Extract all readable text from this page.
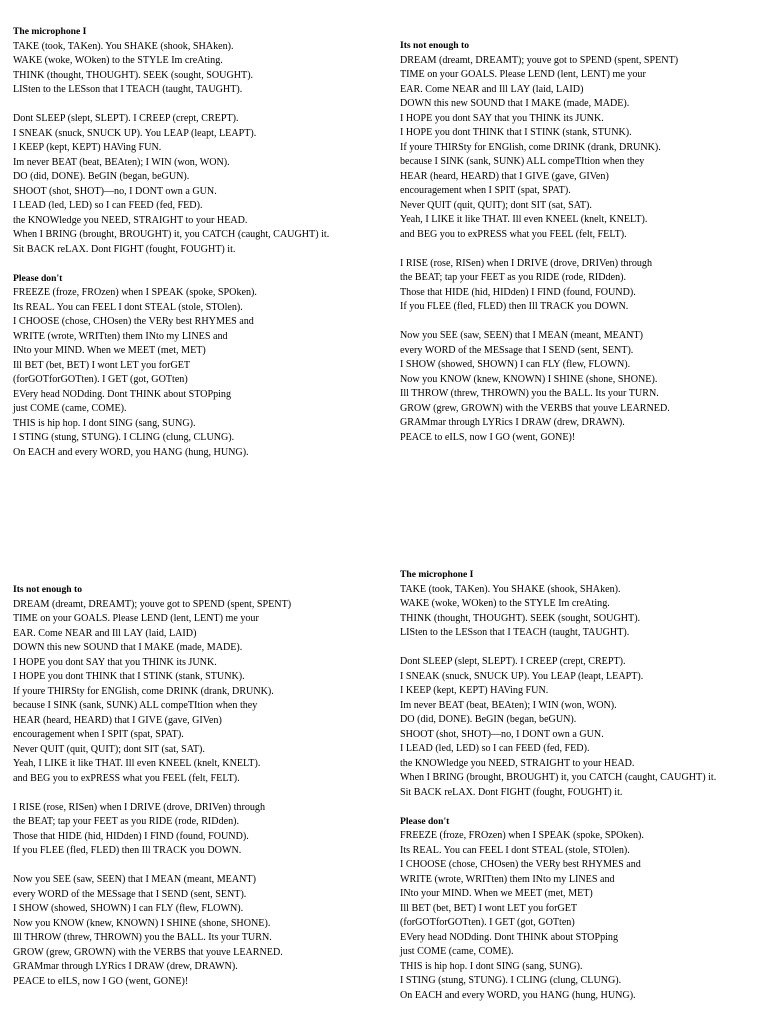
The microphone I

TAKE (took, TAKen). You SHAKE (shook, SHAken).

WAKE (woke, WOken) to the STYLE Im creAting.

THINK (thought, THOUGHT). SEEK (sought, SOUGHT).

LISten to the LESson that I TEACH (taught, TAUGHT).

Dont SLEEP (slept, SLEPT). I CREEP (crept, CREPT).

I SNEAK (snuck, SNUCK UP). You LEAP (leapt, LEAPT).

I KEEP (kept, KEPT) HAVing FUN.

Im never BEAT (beat, BEAten); I WIN (won, WON).

DO (did, DONE). BeGIN (began, beGUN).

SHOOT (shot, SHOT)—no, I DONT own a GUN.

I LEAD (led, LED) so I can FEED (fed, FED).

the KNOWledge you NEED, STRAIGHT to your HEAD.

When I BRING (brought, BROUGHT) it, you CATCH (caught, CAUGHT) it.

Sit BACK reLAX. Dont FIGHT (fought, FOUGHT) it.

Please don't

FREEZE (froze, FROzen) when I SPEAK (spoke, SPOken).

Its REAL. You can FEEL I dont STEAL (stole, STOlen).

I CHOOSE (chose, CHOsen) the VERy best RHYMES and

WRITE (wrote, WRITten) them INto my LINES and

INto your MIND. When we MEET (met, MET)

Ill BET (bet, BET) I wont LET you forGET

(forGOTforGOTten). I GET (got, GOTten)

EVery head NODding. Dont THINK about STOPping

just COME (came, COME).

THIS is hip hop. I dont SING (sang, SUNG).

I STING (stung, STUNG). I CLING (clung, CLUNG).

On EACH and every WORD, you HANG (hung, HUNG).

Its not enough to

DREAM (dreamt, DREAMT); youve got to SPEND (spent, SPENT)

TIME on your GOALS. Please LEND (lent, LENT) me your

EAR. Come NEAR and Ill LAY (laid, LAID)

DOWN this new SOUND that I MAKE (made, MADE).

I HOPE you dont SAY that you THINK its JUNK.

I HOPE you dont THINK that I STINK (stank, STUNK).

If youre THIRSty for ENGlish, come DRINK (drank, DRUNK).

because I SINK (sank, SUNK) ALL compeTItion when they

HEAR (heard, HEARD) that I GIVE (gave, GIVen)

encouragement when I SPIT (spat, SPAT).

Never QUIT (quit, QUIT); dont SIT (sat, SAT).

Yeah, I LIKE it like THAT. Ill even KNEEL (knelt, KNELT).

and BEG you to exPRESS what you FEEL (felt, FELT).

I RISE (rose, RISen) when I DRIVE (drove, DRIVen) through

the BEAT; tap your FEET as you RIDE (rode, RIDden).

Those that HIDE (hid, HIDden) I FIND (found, FOUND).

If you FLEE (fled, FLED) then Ill TRACK you DOWN.

Now you SEE (saw, SEEN) that I MEAN (meant, MEANT)

every WORD of the MESsage that I SEND (sent, SENT).

I SHOW (showed, SHOWN) I can FLY (flew, FLOWN).

Now you KNOW (knew, KNOWN) I SHINE (shone, SHONE).

Ill THROW (threw, THROWN) you the BALL. Its your TURN.

GROW (grew, GROWN) with the VERBS that youve LEARNED.

GRAMmar through LYRics I DRAW (drew, DRAWN).

PEACE to eILS, now I GO (went, GONE)!

Its not enough to

DREAM (dreamt, DREAMT); youve got to SPEND (spent, SPENT)

TIME on your GOALS. Please LEND (lent, LENT) me your

EAR. Come NEAR and Ill LAY (laid, LAID)

DOWN this new SOUND that I MAKE (made, MADE).

I HOPE you dont SAY that you THINK its JUNK.

I HOPE you dont THINK that I STINK (stank, STUNK).

If youre THIRSty for ENGlish, come DRINK (drank, DRUNK).

because I SINK (sank, SUNK) ALL compeTItion when they

HEAR (heard, HEARD) that I GIVE (gave, GIVen)

encouragement when I SPIT (spat, SPAT).

Never QUIT (quit, QUIT); dont SIT (sat, SAT).

Yeah, I LIKE it like THAT. Ill even KNEEL (knelt, KNELT).

and BEG you to exPRESS what you FEEL (felt, FELT).

I RISE (rose, RISen) when I DRIVE (drove, DRIVen) through

the BEAT; tap your FEET as you RIDE (rode, RIDden).

Those that HIDE (hid, HIDden) I FIND (found, FOUND).

If you FLEE (fled, FLED) then Ill TRACK you DOWN.

Now you SEE (saw, SEEN) that I MEAN (meant, MEANT)

every WORD of the MESsage that I SEND (sent, SENT).

I SHOW (showed, SHOWN) I can FLY (flew, FLOWN).

Now you KNOW (knew, KNOWN) I SHINE (shone, SHONE).

Ill THROW (threw, THROWN) you the BALL. Its your TURN.

GROW (grew, GROWN) with the VERBS that youve LEARNED.

GRAMmar through LYRics I DRAW (drew, DRAWN).

PEACE to eILS, now I GO (went, GONE)!

The microphone I

TAKE (took, TAKen). You SHAKE (shook, SHAken).

WAKE (woke, WOken) to the STYLE Im creAting.

THINK (thought, THOUGHT). SEEK (sought, SOUGHT).

LISten to the LESson that I TEACH (taught, TAUGHT).

Dont SLEEP (slept, SLEPT). I CREEP (crept, CREPT).

I SNEAK (snuck, SNUCK UP). You LEAP (leapt, LEAPT).

I KEEP (kept, KEPT) HAVing FUN.

Im never BEAT (beat, BEAten); I WIN (won, WON).

DO (did, DONE). BeGIN (began, beGUN).

SHOOT (shot, SHOT)—no, I DONT own a GUN.

I LEAD (led, LED) so I can FEED (fed, FED).

the KNOWledge you NEED, STRAIGHT to your HEAD.

When I BRING (brought, BROUGHT) it, you CATCH (caught, CAUGHT) it.

Sit BACK reLAX. Dont FIGHT (fought, FOUGHT) it.

Please don't

FREEZE (froze, FROzen) when I SPEAK (spoke, SPOken).

Its REAL. You can FEEL I dont STEAL (stole, STOlen).

I CHOOSE (chose, CHOsen) the VERy best RHYMES and

WRITE (wrote, WRITten) them INto my LINES and

INto your MIND. When we MEET (met, MET)

Ill BET (bet, BET) I wont LET you forGET

(forGOTforGOTten). I GET (got, GOTten)

EVery head NODding. Dont THINK about STOPping

just COME (came, COME).

THIS is hip hop. I dont SING (sang, SUNG).

I STING (stung, STUNG). I CLING (clung, CLUNG).

On EACH and every WORD, you HANG (hung, HUNG).
